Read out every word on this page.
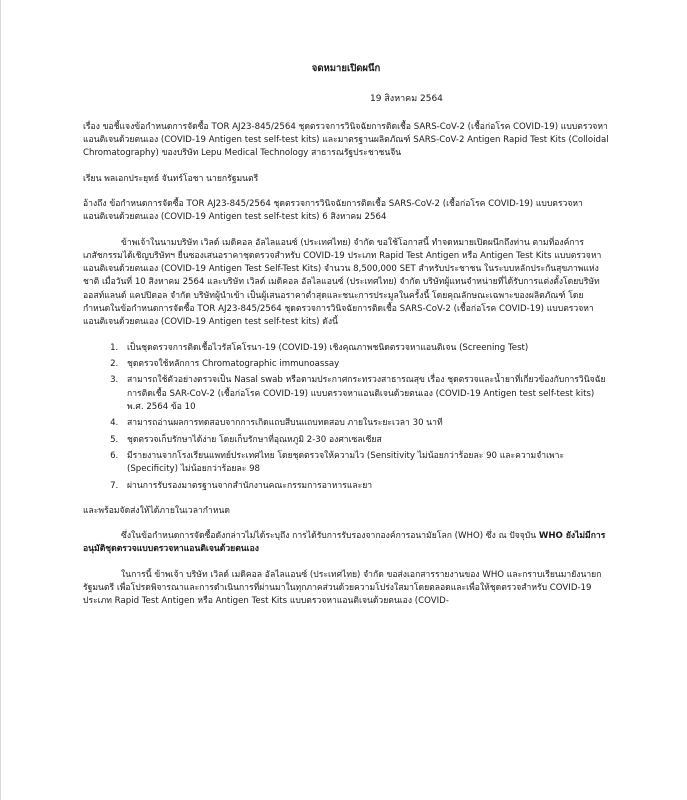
จดหมายเปิดผนึก
19 สิงหาคม 2564

เรื่อง ขอชี้แจงข้อกำหนดการจัดซื้อ TOR AJ23-845/2564 ชุดตรวจการวินิจฉัยการติดเชื้อ SARS-CoV-2 (เชื้อก่อโรค COVID-19) แบบตรวจหาแอนติเจนด้วยตนเอง (COVID-19 Antigen test self-test kits) และมาตรฐานผลิตภัณฑ์ SARS-CoV-2 Antigen Rapid Test Kits (Colloidal Chromatography) ของบริษัท Lepu Medical Technology สาธารณรัฐประชาชนจีน

เรียน พลเอกประยุทธ์ จันทร์โอชา นายกรัฐมนตรี

อ้างถึง ข้อกำหนดการจัดซื้อ TOR AJ23-845/2564 ชุดตรวจการวินิจฉัยการติดเชื้อ SARS-CoV-2 (เชื้อก่อโรค COVID-19) แบบตรวจหาแอนติเจนด้วยตนเอง (COVID-19 Antigen test self-test kits) 6 สิงหาคม 2564

ข้าพเจ้าในนามบริษัท เวิลด์ เมดิคอล อัลไลแอนซ์ (ประเทศไทย) จำกัด ขอใช้โอกาสนี้ ทำจดหมายเปิดผนึกถึงท่าน ตามที่องค์การเภสัชกรรมได้เชิญบริษัทฯ ยื่นซองเสนอราคาชุดตรวจสำหรับ COVID-19 ประเภท Rapid Test Antigen หรือ Antigen Test Kits แบบตรวจหาแอนติเจนด้วยตนเอง (COVID-19 Antigen Test Self-Test Kits) จำนวน 8,500,000 SET สำหรับประชาชน ในระบบหลักประกันสุขภาพแห่งชาติ เมื่อวันที่ 10 สิงหาคม 2564 และบริษัท เวิลด์ เมดิคอล อัลไลแอนซ์ (ประเทศไทย) จำกัด บริษัทผู้แทนจำหน่ายที่ได้รับการแต่งตั้งโดยบริษัท ออสท์แลนด์ แคปปิตอล จำกัด บริษัทผู้นำเข้า เป็นผู้เสนอราคาต่ำสุดและชนะการประมูลในครั้งนี้ โดยคุณลักษณะเฉพาะของผลิตภัณฑ์ โดยกำหนดในข้อกำหนดการจัดซื้อ TOR AJ23-845/2564 ชุดตรวจการวินิจฉัยการติดเชื้อ SARS-CoV-2 (เชื้อก่อโรค COVID-19) แบบตรวจหาแอนติเจนด้วยตนเอง (COVID-19 Antigen test self-test kits) ดังนี้

1. เป็นชุดตรวจการติดเชื้อไวรัสโคโรนา-19 (COVID-19) เชิงคุณภาพชนิดตรวจหาแอนติเจน (Screening Test)
2. ชุดตรวจใช้หลักการ Chromatographic immunoassay
3. สามารถใช้ตัวอย่างตรวจเป็น Nasal swab หรือตามประกาศกระทรวงสาธารณสุข เรื่อง ชุดตรวจและน้ำยาที่เกี่ยวข้องกับการวินิจฉัยการติดเชื้อ SAR-CoV-2 (เชื้อก่อโรค COVID-19) แบบตรวจหาแอนติเจนด้วยตนเอง (COVID-19 Antigen test self-test kits) พ.ศ. 2564 ข้อ 10
4. สามารถอ่านผลการทดสอบจากการเกิดแถบสีบนแถบทดสอบ ภายในระยะเวลา 30 นาที
5. ชุดตรวจเก็บรักษาได้ง่าย โดยเก็บรักษาที่อุณหภูมิ 2-30 องศาเซลเซียส
6. มีรายงานจากโรงเรียนแพทย์ประเทศไทย โดยชุดตรวจให้ความไว (Sensitivity ไม่น้อยกว่าร้อยละ 90 และความจำเพาะ (Specificity) ไม่น้อยกว่าร้อยละ 98
7. ผ่านการรับรองมาตรฐานจากสำนักงานคณะกรรมการอาหารและยา

และพร้อมจัดส่งให้ได้ภายในเวลากำหนด

ซึ่งในข้อกำหนดการจัดซื้อดังกล่าวไม่ได้ระบุถึง การได้รับการรับรองจากองค์การอนามัยโลก (WHO) ซึ่ง ณ ปัจจุบัน WHO ยังไม่มีการอนุมัติชุดตรวจแบบตรวจหาแอนติเจนด้วยตนเอง

ในการนี้ ข้าพเจ้า บริษัท เวิลด์ เมดิคอล อัลไลแอนซ์ (ประเทศไทย) จำกัด ขอส่งเอกสารรายงานของ WHO และกราบเรียนมายังนายกรัฐมนตรี เพื่อโปรดพิจารณาและการดำเนินการที่ผ่านมาในทุกภาคส่วนด้วยความโปร่งใสมาโดยตลอดและเพื่อให้ชุดตรวจสำหรับ COVID-19 ประเภท Rapid Test Antigen หรือ Antigen Test Kits แบบตรวจหาแอนติเจนด้วยตนเอง (COVID-
